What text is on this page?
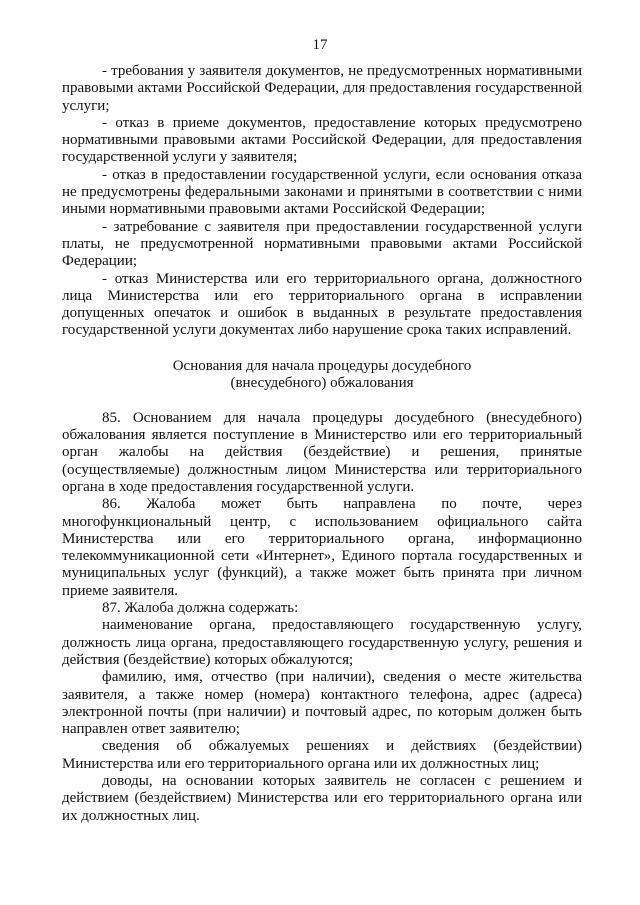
17

- требования у заявителя документов, не предусмотренных нормативными правовыми актами Российской Федерации, для предоставления государственной услуги;

- отказ в приеме документов, предоставление которых предусмотрено нормативными правовыми актами Российской Федерации, для предоставления государственной услуги у заявителя;

- отказ в предоставлении государственной услуги, если основания отказа не предусмотрены федеральными законами и принятыми в соответствии с ними иными нормативными правовыми актами Российской Федерации;

- затребование с заявителя при предоставлении государственной услуги платы, не предусмотренной нормативными правовыми актами Российской Федерации;

- отказ Министерства или его территориального органа, должностного лица Министерства или его территориального органа в исправлении допущенных опечаток и ошибок в выданных в результате предоставления государственной услуги документах либо нарушение срока таких исправлений.

Основания для начала процедуры досудебного
(внесудебного) обжалования

85. Основанием для начала процедуры досудебного (внесудебного) обжалования является поступление в Министерство или его территориальный орган жалобы на действия (бездействие) и решения, принятые (осуществляемые) должностным лицом Министерства или территориального органа в ходе предоставления государственной услуги.

86. Жалоба может быть направлена по почте, через многофункциональный центр, с использованием официального сайта Министерства или его территориального органа, информационно телекоммуникационной сети «Интернет», Единого портала государственных и муниципальных услуг (функций), а также может быть принята при личном приеме заявителя.

87. Жалоба должна содержать:

наименование органа, предоставляющего государственную услугу, должность лица органа, предоставляющего государственную услугу, решения и действия (бездействие) которых обжалуются;

фамилию, имя, отчество (при наличии), сведения о месте жительства заявителя, а также номер (номера) контактного телефона, адрес (адреса) электронной почты (при наличии) и почтовый адрес, по которым должен быть направлен ответ заявителю;

сведения об обжалуемых решениях и действиях (бездействии) Министерства или его территориального органа или их должностных лиц;

доводы, на основании которых заявитель не согласен с решением и действием (бездействием) Министерства или его территориального органа или их должностных лиц.
